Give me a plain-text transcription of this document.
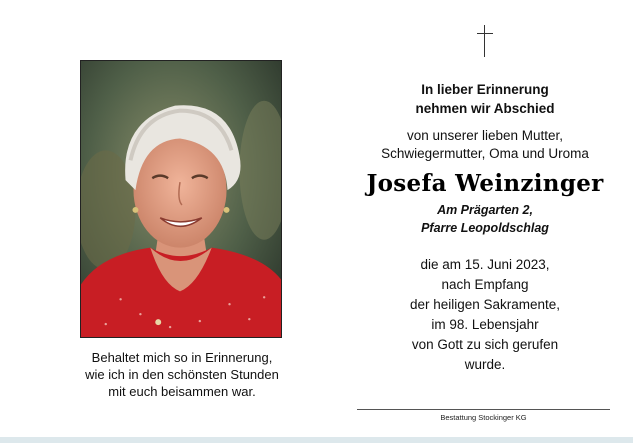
Behaltet mich so in Erinnerung,
wie ich in den schönsten Stunden
mit euch beisammen war.
In lieber Erinnerung
nehmen wir Abschied
von unserer lieben Mutter,
Schwiegermutter, Oma und Uroma
Josefa Weinzinger
Am Prägarten 2,
Pfarre Leopoldschlag
die am 15. Juni 2023,
nach Empfang
der heiligen Sakramente,
im 98. Lebensjahr
von Gott zu sich gerufen
wurde.
Bestattung Stockinger KG
